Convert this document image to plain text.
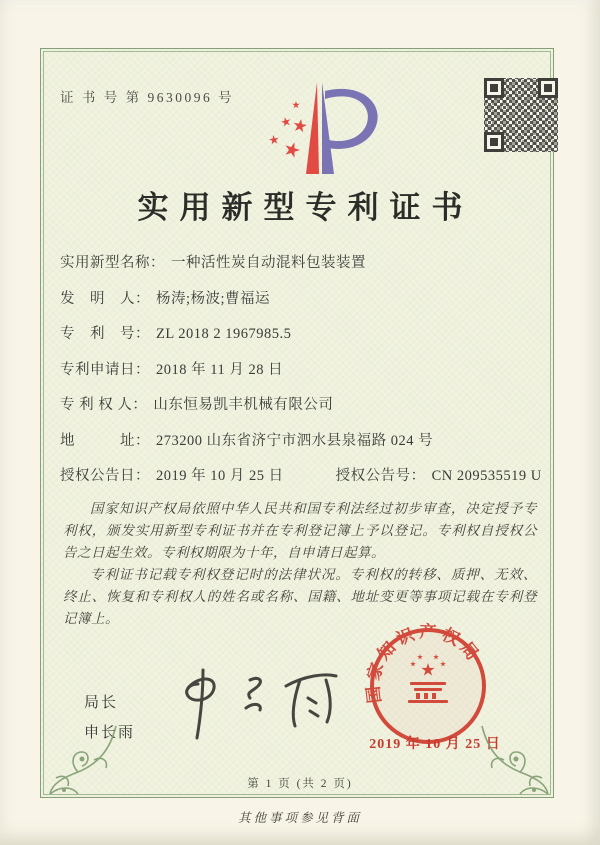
证 书 号 第 9630096 号
实用新型专利证书
实用新型名称： 一种活性炭自动混料包装装置
发　明　人： 杨涛;杨波;曹福运
专　利　号： ZL 2018 2 1967985.5
专利申请日： 2018 年 11 月 28 日
专 利 权 人： 山东恒易凯丰机械有限公司
地　　　址： 273200 山东省济宁市泗水县泉福路 024 号
授权公告日： 2019 年 10 月 25 日	授权公告号： CN 209535519 U

国家知识产权局依照中华人民共和国专利法经过初步审查，决定授予专利权，颁发实用新型专利证书并在专利登记簿上予以登记。专利权自授权公告之日起生效。专利权期限为十年，自申请日起算。

专利证书记载专利权登记时的法律状况。专利权的转移、质押、无效、终止、恢复和专利权人的姓名或名称、国籍、地址变更等事项记载在专利登记簿上。

局长
申长雨
国家知识产权局
2019 年 10 月 25 日
第 1 页 (共 2 页)
其他事项参见背面
